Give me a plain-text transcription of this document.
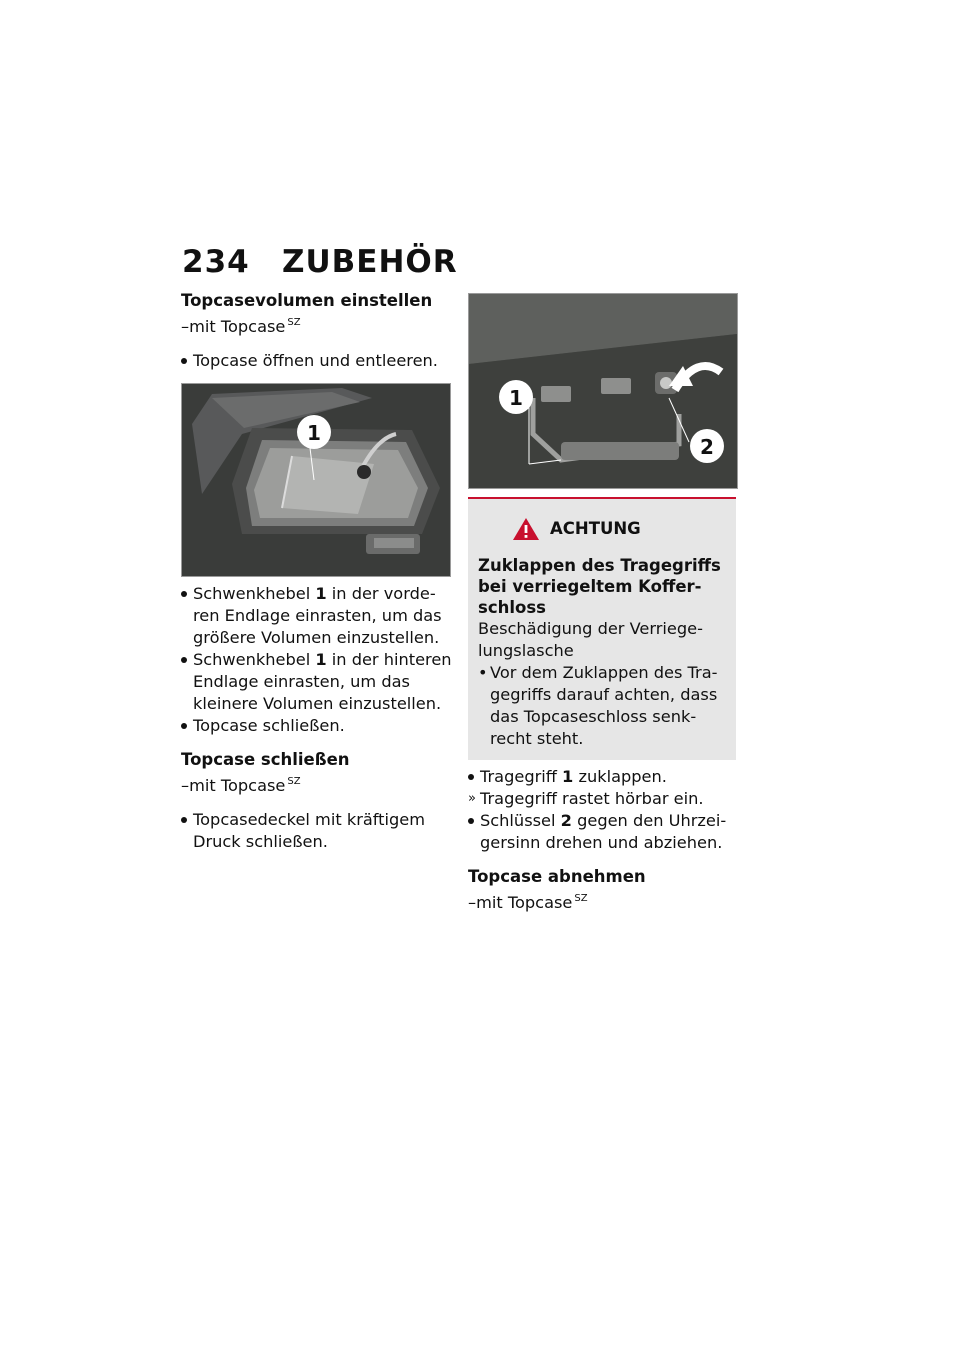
234 ZUBEHÖR

Topcasevolumen einstellen

–mit Topcase $^{SZ}$

Topcase öffnen und entleeren.
1
Schwenkhebel 1 in der vorderen Endlage einrasten, um das größere Volumen einzustellen.
Schwenkhebel 1 in der hinteren Endlage einrasten, um das kleinere Volumen einzustellen.
Topcase schließen.

Topcase schließen

–mit Topcase $^{SZ}$

Topcasedeckel mit kräftigem Druck schließen.
1
2
ACHTUNG

Zuklappen des Tragegriffs bei verriegeltem Kofferschloss

Beschädigung der Verriegelungslasche

• Vor dem Zuklappen des Tragegriffs darauf achten, dass das Topcaseschloss senkrecht steht.
Tragegriff 1 zuklappen.
» Tragegriff rastet hörbar ein.
Schlüssel 2 gegen den Uhrzeigersinn drehen und abziehen.

Topcase abnehmen

–mit Topcase $^{SZ}$
